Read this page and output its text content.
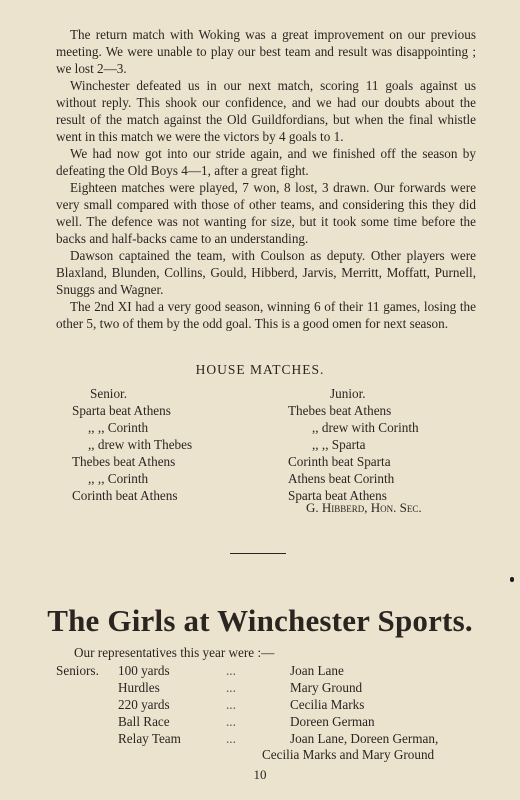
The return match with Woking was a great improvement on our previous meeting. We were unable to play our best team and result was disappointing ; we lost 2—3.

Winchester defeated us in our next match, scoring 11 goals against us without reply. This shook our confidence, and we had our doubts about the result of the match against the Old Guildfordians, but when the final whistle went in this match we were the victors by 4 goals to 1.

We had now got into our stride again, and we finished off the season by defeating the Old Boys 4—1, after a great fight.

Eighteen matches were played, 7 won, 8 lost, 3 drawn. Our forwards were very small compared with those of other teams, and considering this they did well. The defence was not wanting for size, but it took some time before the backs and half-backs came to an understanding.

Dawson captained the team, with Coulson as deputy. Other players were Blaxland, Blunden, Collins, Gould, Hibberd, Jarvis, Merritt, Moffatt, Purnell, Snuggs and Wagner.

The 2nd XI had a very good season, winning 6 of their 11 games, losing the other 5, two of them by the odd goal. This is a good omen for next season.

HOUSE MATCHES.
Senior.
Sparta beat Athens
,, ,, Corinth
,, drew with Thebes
Thebes beat Athens
,, ,, Corinth
Corinth beat Athens
Junior.
Thebes beat Athens
,, drew with Corinth
,, ,, Sparta
Corinth beat Sparta
Athens beat Corinth
Sparta beat Athens
G. Hibberd, Hon. Sec.
The Girls at Winchester Sports.
Our representatives this year were :—
Seniors. 100 yards	...	Joan Lane
Hurdles	...	Mary Ground
220 yards	...	Cecilia Marks
Ball Race	...	Doreen German
Relay Team	...	Joan Lane, Doreen German,
Cecilia Marks and Mary Ground
10
